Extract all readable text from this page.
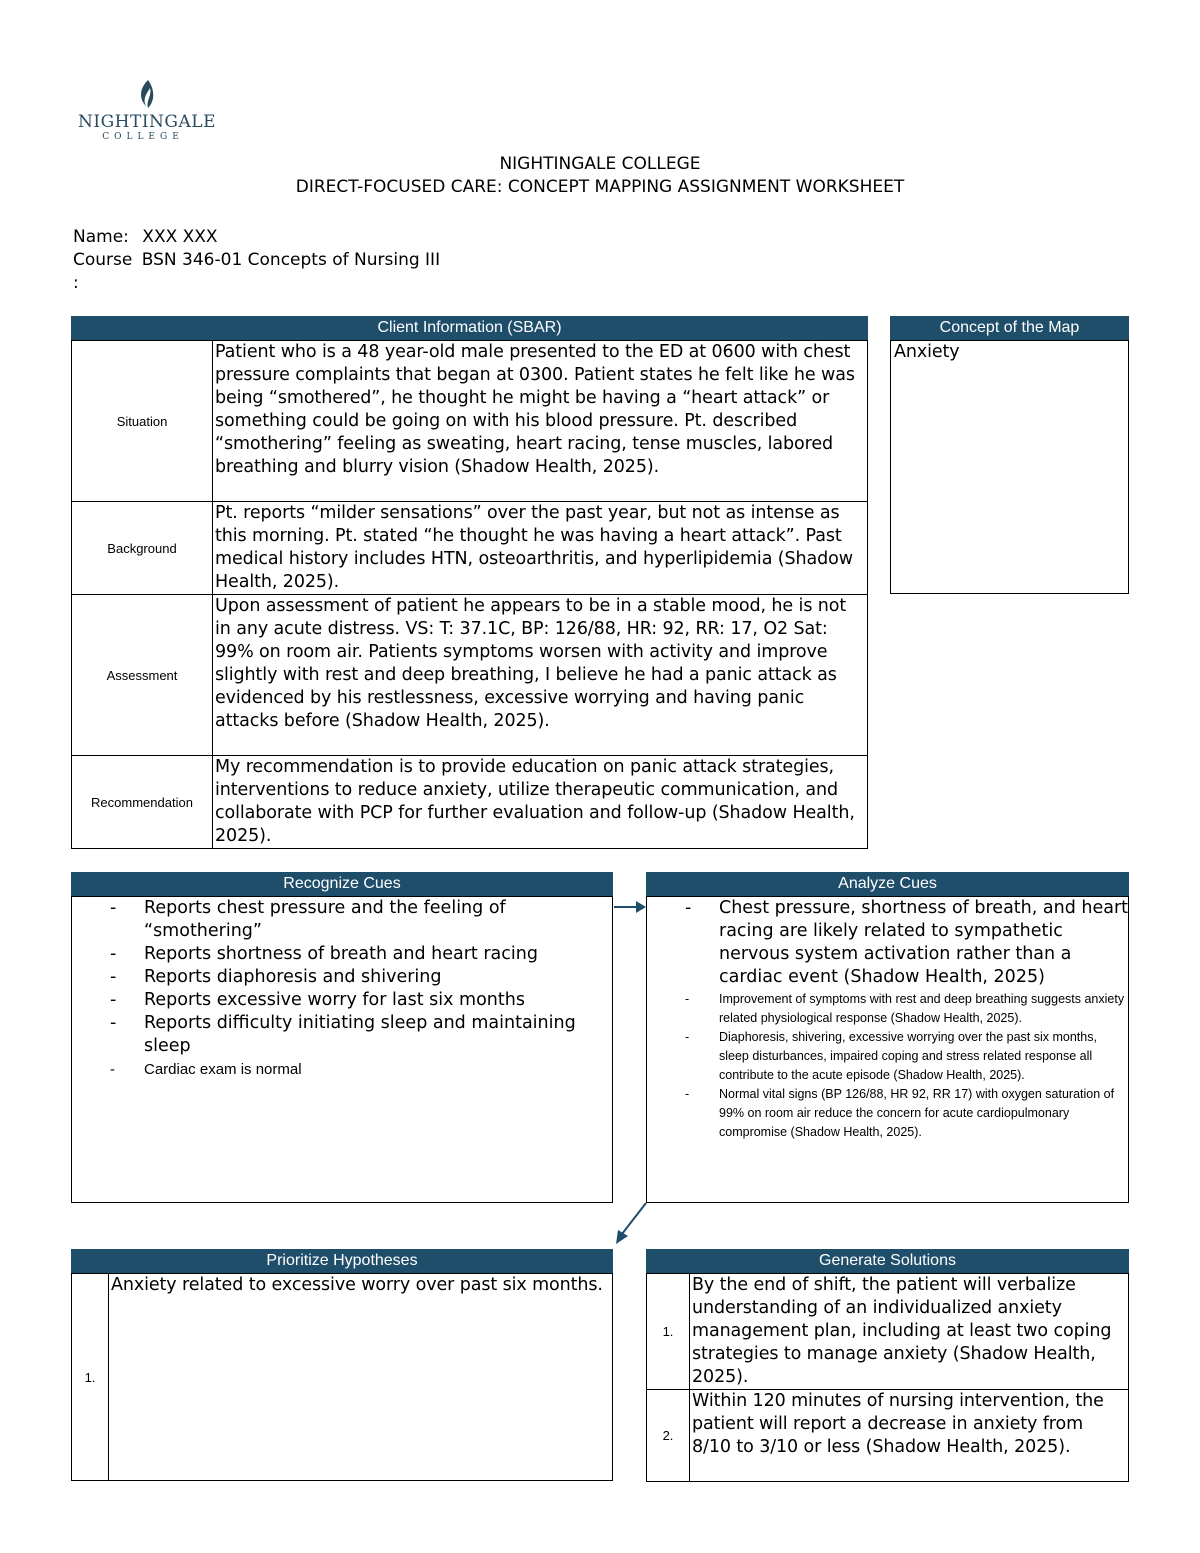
NIGHTINGALE
COLLEGE
NIGHTINGALE COLLEGE
DIRECT-FOCUSED CARE: CONCEPT MAPPING ASSIGNMENT WORKSHEET
Name: XXX XXX
Course BSN 346-01 Concepts of Nursing III
:
Client Information (SBAR)
Situation	Patient who is a 48 year-old male presented to the ED at 0600 with chest pressure complaints that began at 0300. Patient states he felt like he was being “smothered”, he thought he might be having a “heart attack” or something could be going on with his blood pressure. Pt. described “smothering” feeling as sweating, heart racing, tense muscles, labored breathing and blurry vision (Shadow Health, 2025).
Background	Pt. reports “milder sensations” over the past year, but not as intense as this morning. Pt. stated “he thought he was having a heart attack”. Past medical history includes HTN, osteoarthritis, and hyperlipidemia (Shadow Health, 2025).
Assessment	Upon assessment of patient he appears to be in a stable mood, he is not in any acute distress. VS: T: 37.1C, BP: 126/88, HR: 92, RR: 17, O2 Sat: 99% on room air. Patients symptoms worsen with activity and improve slightly with rest and deep breathing, I believe he had a panic attack as evidenced by his restlessness, excessive worrying and having panic attacks before (Shadow Health, 2025).
Recommendation	My recommendation is to provide education on panic attack strategies, interventions to reduce anxiety, utilize therapeutic communication, and collaborate with PCP for further evaluation and follow-up (Shadow Health, 2025).
Concept of the Map
Anxiety
Recognize Cues
- Reports chest pressure and the feeling of “smothering”
- Reports shortness of breath and heart racing
- Reports diaphoresis and shivering
- Reports excessive worry for last six months
- Reports difficulty initiating sleep and maintaining sleep
- Cardiac exam is normal
Analyze Cues
- Chest pressure, shortness of breath, and heart racing are likely related to sympathetic nervous system activation rather than a cardiac event (Shadow Health, 2025)
- Improvement of symptoms with rest and deep breathing suggests anxiety related physiological response (Shadow Health, 2025).
- Diaphoresis, shivering, excessive worrying over the past six months, sleep disturbances, impaired coping and stress related response all contribute to the acute episode (Shadow Health, 2025).
- Normal vital signs (BP 126/88, HR 92, RR 17) with oxygen saturation of 99% on room air reduce the concern for acute cardiopulmonary compromise (Shadow Health, 2025).
Prioritize Hypotheses
1.	Anxiety related to excessive worry over past six months.
Generate Solutions
1.	By the end of shift, the patient will verbalize understanding of an individualized anxiety management plan, including at least two coping strategies to manage anxiety (Shadow Health, 2025).
2.	Within 120 minutes of nursing intervention, the patient will report a decrease in anxiety from 8/10 to 3/10 or less (Shadow Health, 2025).
